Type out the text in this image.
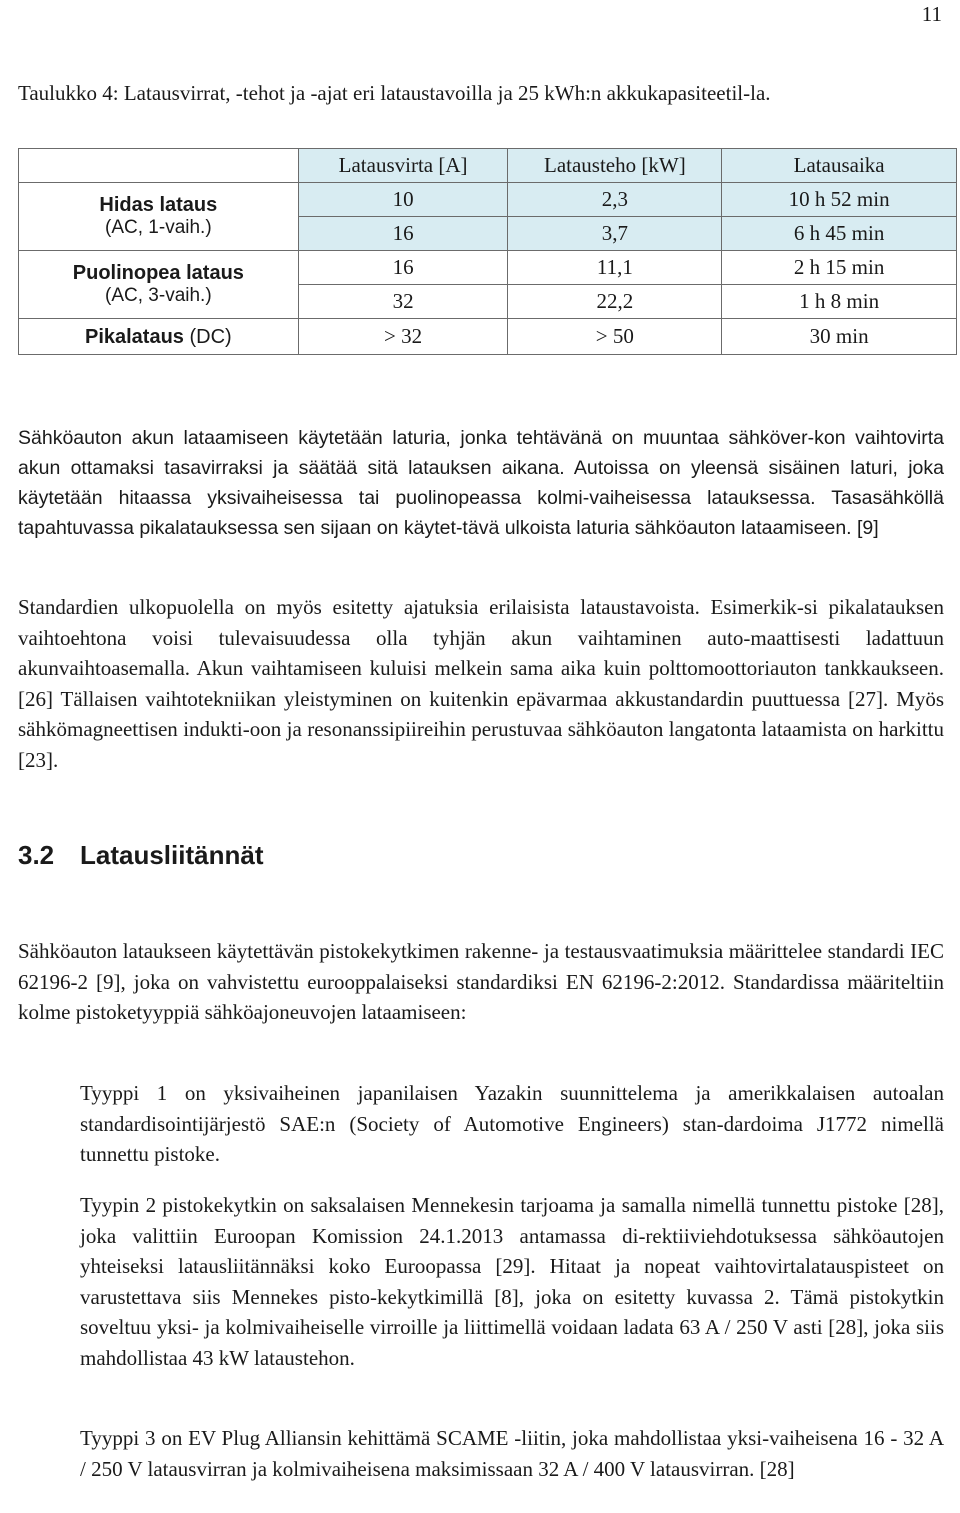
11
Taulukko 4: Latausvirrat, -tehot ja -ajat eri lataustavoilla ja 25 kWh:n akkukapasiteetil-la.
	Latausvirta [A]	Latausteho [kW]	Latausaika

Hidas lataus
(AC, 1-vaih.)	10	2,3	10 h 52 min
	16	3,7	6 h 45 min

Puolinopea lataus
(AC, 3-vaih.)	16	11,1	2 h 15 min
	32	22,2	1 h 8 min
Pikalataus (DC)	> 32	> 50	30 min
Sähköauton akun lataamiseen käytetään laturia, jonka tehtävänä on muuntaa sähköver-kon vaihtovirta akun ottamaksi tasavirraksi ja säätää sitä latauksen aikana. Autoissa on yleensä sisäinen laturi, joka käytetään hitaassa yksivaiheisessa tai puolinopeassa kolmi-vaiheisessa latauksessa. Tasasähköllä tapahtuvassa pikalatauksessa sen sijaan on käytet-tävä ulkoista laturia sähköauton lataamiseen. [9]
Standardien ulkopuolella on myös esitetty ajatuksia erilaisista lataustavoista. Esimerkik-si pikalatauksen vaihtoehtona voisi tulevaisuudessa olla tyhjän akun vaihtaminen auto-maattisesti ladattuun akunvaihtoasemalla. Akun vaihtamiseen kuluisi melkein sama aika kuin polttomoottoriauton tankkaukseen. [26] Tällaisen vaihtotekniikan yleistyminen on kuitenkin epävarmaa akkustandardin puuttuessa [27]. Myös sähkömagneettisen indukti-oon ja resonanssipiireihin perustuvaa sähköauton langatonta lataamista on harkittu [23].
3.2 Latausliitännät
Sähköauton lataukseen käytettävän pistokekytkimen rakenne- ja testausvaatimuksia määrittelee standardi IEC 62196-2 [9], joka on vahvistettu eurooppalaiseksi standardiksi EN 62196-2:2012. Standardissa määriteltiin kolme pistoketyyppiä sähköajoneuvojen lataamiseen:
Tyyppi 1 on yksivaiheinen japanilaisen Yazakin suunnittelema ja amerikkalaisen autoalan standardisointijärjestö SAE:n (Society of Automotive Engineers) stan-dardoima J1772 nimellä tunnettu pistoke.
Tyypin 2 pistokekytkin on saksalaisen Mennekesin tarjoama ja samalla nimellä tunnettu pistoke [28], joka valittiin Euroopan Komission 24.1.2013 antamassa di-rektiiviehdotuksessa sähköautojen yhteiseksi latausliitännäksi koko Euroopassa [29]. Hitaat ja nopeat vaihtovirtalatauspisteet on varustettava siis Mennekes pisto-kekytkimillä [8], joka on esitetty kuvassa 2. Tämä pistokytkin soveltuu yksi- ja kolmivaiheiselle virroille ja liittimellä voidaan ladata 63 A / 250 V asti [28], joka siis mahdollistaa 43 kW lataustehon.
Tyyppi 3 on EV Plug Alliansin kehittämä SCAME -liitin, joka mahdollistaa yksi-vaiheisena 16 - 32 A / 250 V latausvirran ja kolmivaiheisena maksimissaan 32 A / 400 V latausvirran. [28]
